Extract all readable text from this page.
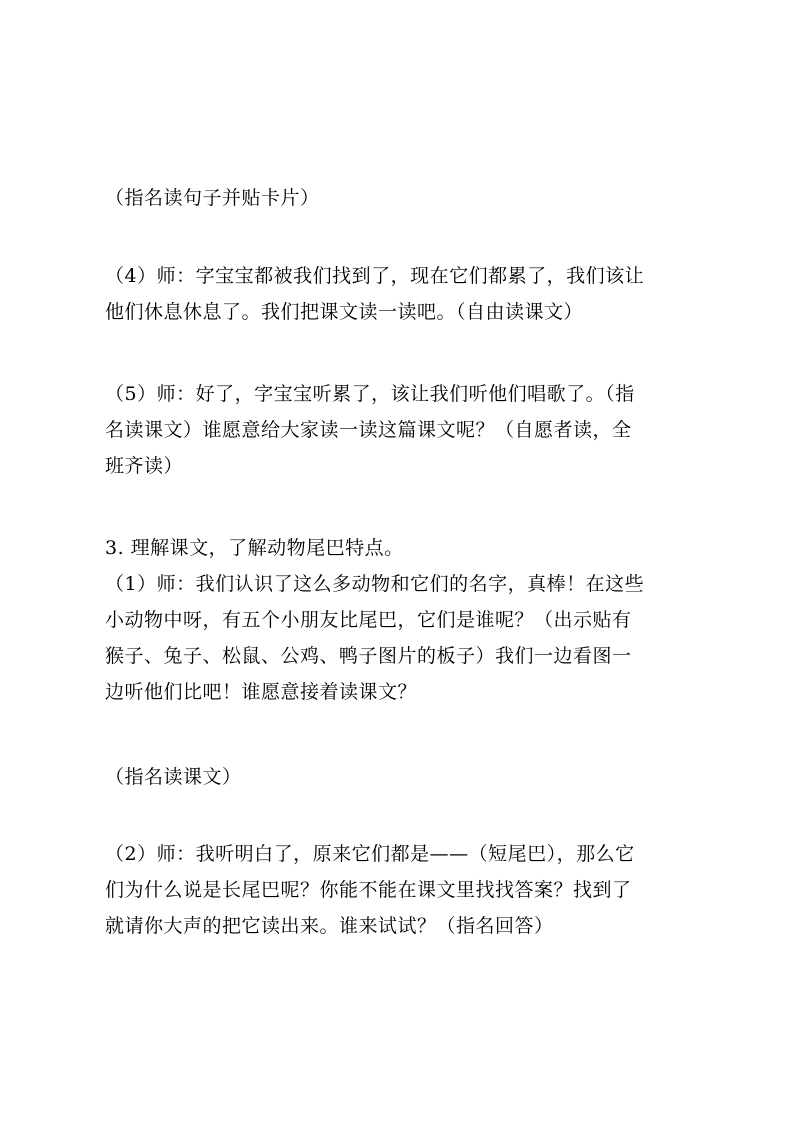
（指名读句子并贴卡片）
（4）师：字宝宝都被我们找到了，现在它们都累了，我们该让
他们休息休息了。我们把课文读一读吧。（自由读课文）
（5）师：好了，字宝宝听累了，该让我们听他们唱歌了。（指
名读课文）谁愿意给大家读一读这篇课文呢？（自愿者读，全
班齐读）
3. 理解课文，了解动物尾巴特点。
（1）师：我们认识了这么多动物和它们的名字，真棒！在这些
小动物中呀，有五个小朋友比尾巴，它们是谁呢？（出示贴有
猴子、兔子、松鼠、公鸡、鸭子图片的板子）我们一边看图一
边听他们比吧！谁愿意接着读课文？
（指名读课文）
（2）师：我听明白了，原来它们都是——（短尾巴），那么它
们为什么说是长尾巴呢？你能不能在课文里找找答案？找到了
就请你大声的把它读出来。谁来试试？（指名回答）
